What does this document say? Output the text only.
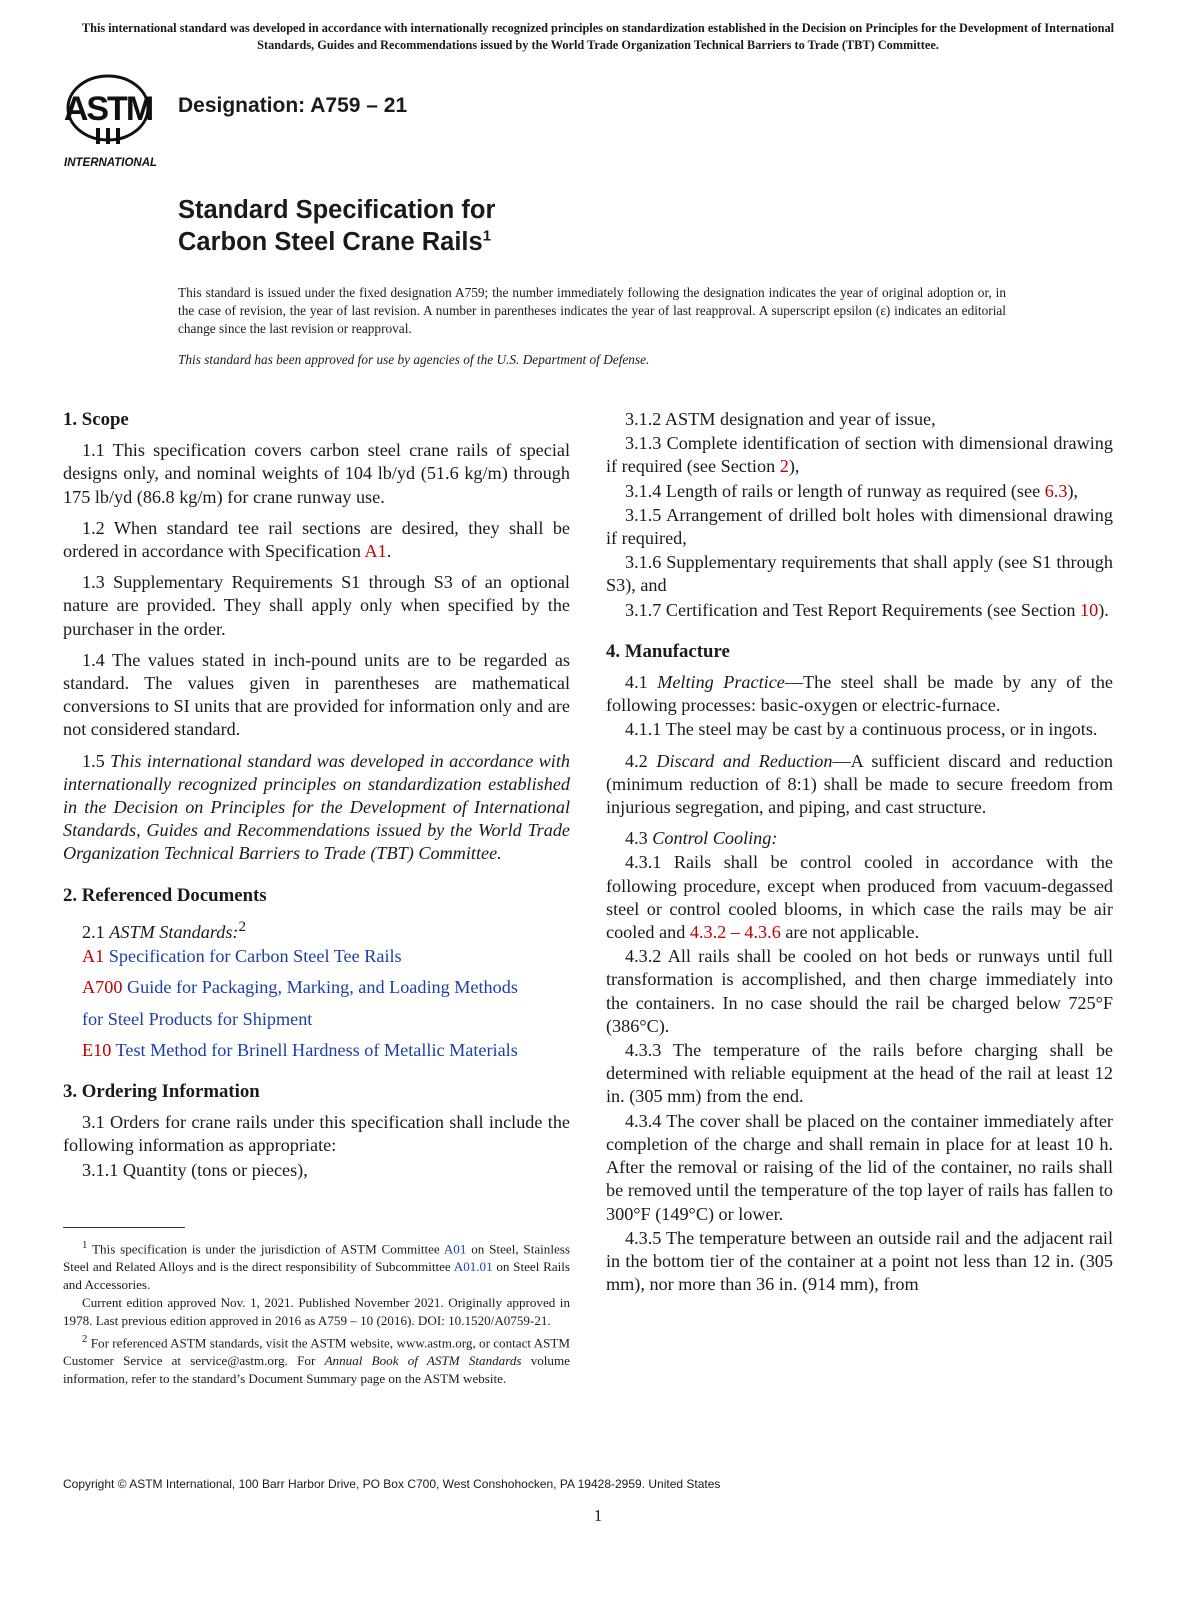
This international standard was developed in accordance with internationally recognized principles on standardization established in the Decision on Principles for the Development of International Standards, Guides and Recommendations issued by the World Trade Organization Technical Barriers to Trade (TBT) Committee.
ASTM
INTERNATIONAL
Designation: A759 – 21
Standard Specification for
Carbon Steel Crane Rails$^1$
This standard is issued under the fixed designation A759; the number immediately following the designation indicates the year of original adoption or, in the case of revision, the year of last revision. A number in parentheses indicates the year of last reapproval. A superscript epsilon (ε) indicates an editorial change since the last revision or reapproval.
This standard has been approved for use by agencies of the U.S. Department of Defense.
1. Scope

1.1 This specification covers carbon steel crane rails of special designs only, and nominal weights of 104 lb/yd (51.6 kg/m) through 175 lb/yd (86.8 kg/m) for crane runway use.

1.2 When standard tee rail sections are desired, they shall be ordered in accordance with Specification A1.

1.3 Supplementary Requirements S1 through S3 of an optional nature are provided. They shall apply only when specified by the purchaser in the order.

1.4 The values stated in inch-pound units are to be regarded as standard. The values given in parentheses are mathematical conversions to SI units that are provided for information only and are not considered standard.

1.5 This international standard was developed in accordance with internationally recognized principles on standardization established in the Decision on Principles for the Development of International Standards, Guides and Recommendations issued by the World Trade Organization Technical Barriers to Trade (TBT) Committee.

2. Referenced Documents

2.1 ASTM Standards:$^2$

A1 Specification for Carbon Steel Tee Rails

A700 Guide for Packaging, Marking, and Loading Methods

for Steel Products for Shipment

E10 Test Method for Brinell Hardness of Metallic Materials

3. Ordering Information

3.1 Orders for crane rails under this specification shall include the following information as appropriate:

3.1.1 Quantity (tons or pieces),

$^1$ This specification is under the jurisdiction of ASTM Committee A01 on Steel, Stainless Steel and Related Alloys and is the direct responsibility of Subcommittee A01.01 on Steel Rails and Accessories.

Current edition approved Nov. 1, 2021. Published November 2021. Originally approved in 1978. Last previous edition approved in 2016 as A759 – 10 (2016). DOI: 10.1520/A0759-21.

$^2$ For referenced ASTM standards, visit the ASTM website, www.astm.org, or contact ASTM Customer Service at service@astm.org. For Annual Book of ASTM Standards volume information, refer to the standard’s Document Summary page on the ASTM website.

3.1.2 ASTM designation and year of issue,

3.1.3 Complete identification of section with dimensional drawing if required (see Section 2),

3.1.4 Length of rails or length of runway as required (see 6.3),

3.1.5 Arrangement of drilled bolt holes with dimensional drawing if required,

3.1.6 Supplementary requirements that shall apply (see S1 through S3), and

3.1.7 Certification and Test Report Requirements (see Section 10).

4. Manufacture

4.1 Melting Practice—The steel shall be made by any of the following processes: basic-oxygen or electric-furnace.

4.1.1 The steel may be cast by a continuous process, or in ingots.

4.2 Discard and Reduction—A sufficient discard and reduction (minimum reduction of 8:1) shall be made to secure freedom from injurious segregation, and piping, and cast structure.

4.3 Control Cooling:

4.3.1 Rails shall be control cooled in accordance with the following procedure, except when produced from vacuum-degassed steel or control cooled blooms, in which case the rails may be air cooled and 4.3.2 – 4.3.6 are not applicable.

4.3.2 All rails shall be cooled on hot beds or runways until full transformation is accomplished, and then charge immediately into the containers. In no case should the rail be charged below 725°F (386°C).

4.3.3 The temperature of the rails before charging shall be determined with reliable equipment at the head of the rail at least 12 in. (305 mm) from the end.

4.3.4 The cover shall be placed on the container immediately after completion of the charge and shall remain in place for at least 10 h. After the removal or raising of the lid of the container, no rails shall be removed until the temperature of the top layer of rails has fallen to 300°F (149°C) or lower.

4.3.5 The temperature between an outside rail and the adjacent rail in the bottom tier of the container at a point not less than 12 in. (305 mm), nor more than 36 in. (914 mm), from

Copyright © ASTM International, 100 Barr Harbor Drive, PO Box C700, West Conshohocken, PA 19428-2959. United States
1
